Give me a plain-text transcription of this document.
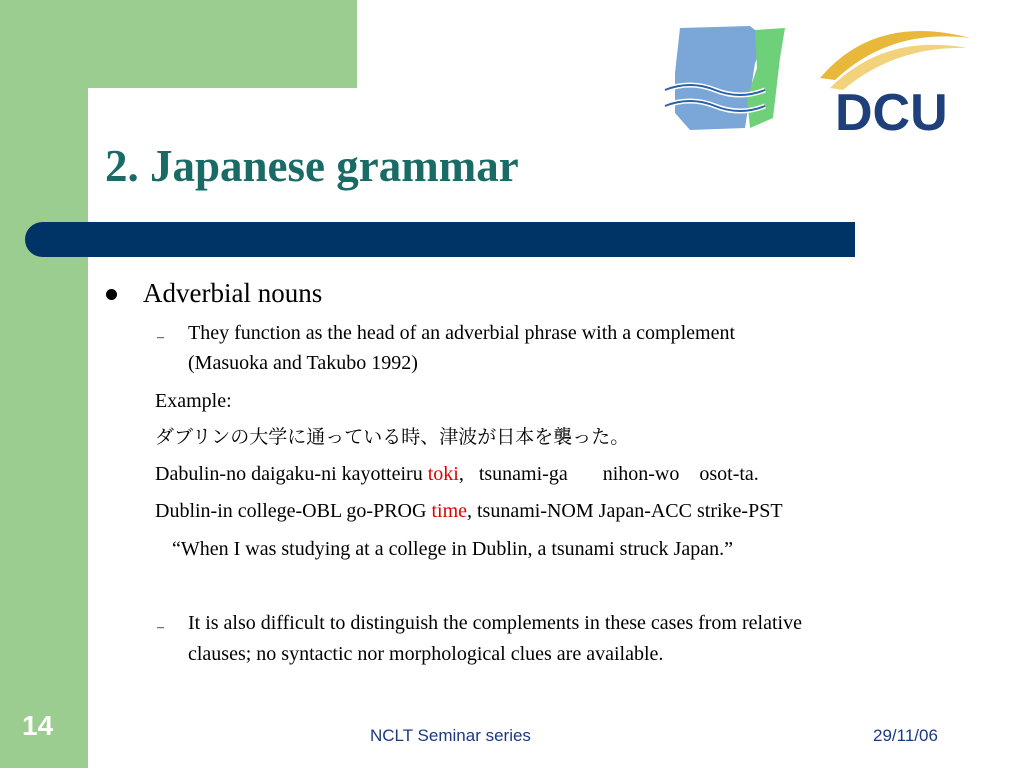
DCU
2. Japanese grammar
Adverbial nouns
– They function as the head of an adverbial phrase with a complement
(Masuoka and Takubo 1992)
Example:
ダブリンの大学に通っている時、津波が日本を襲った。
Dabulin-no daigaku-ni kayotteiru toki,   tsunami-ga       nihon-wo    osot-ta.
Dublin-in college-OBL go-PROG time, tsunami-NOM Japan-ACC strike-PST
“When I was studying at a college in Dublin, a tsunami struck Japan.”
– It is also difficult to distinguish the complements in these cases from relative
clauses; no syntactic nor morphological clues are available.
14	NCLT Seminar series	29/11/06
